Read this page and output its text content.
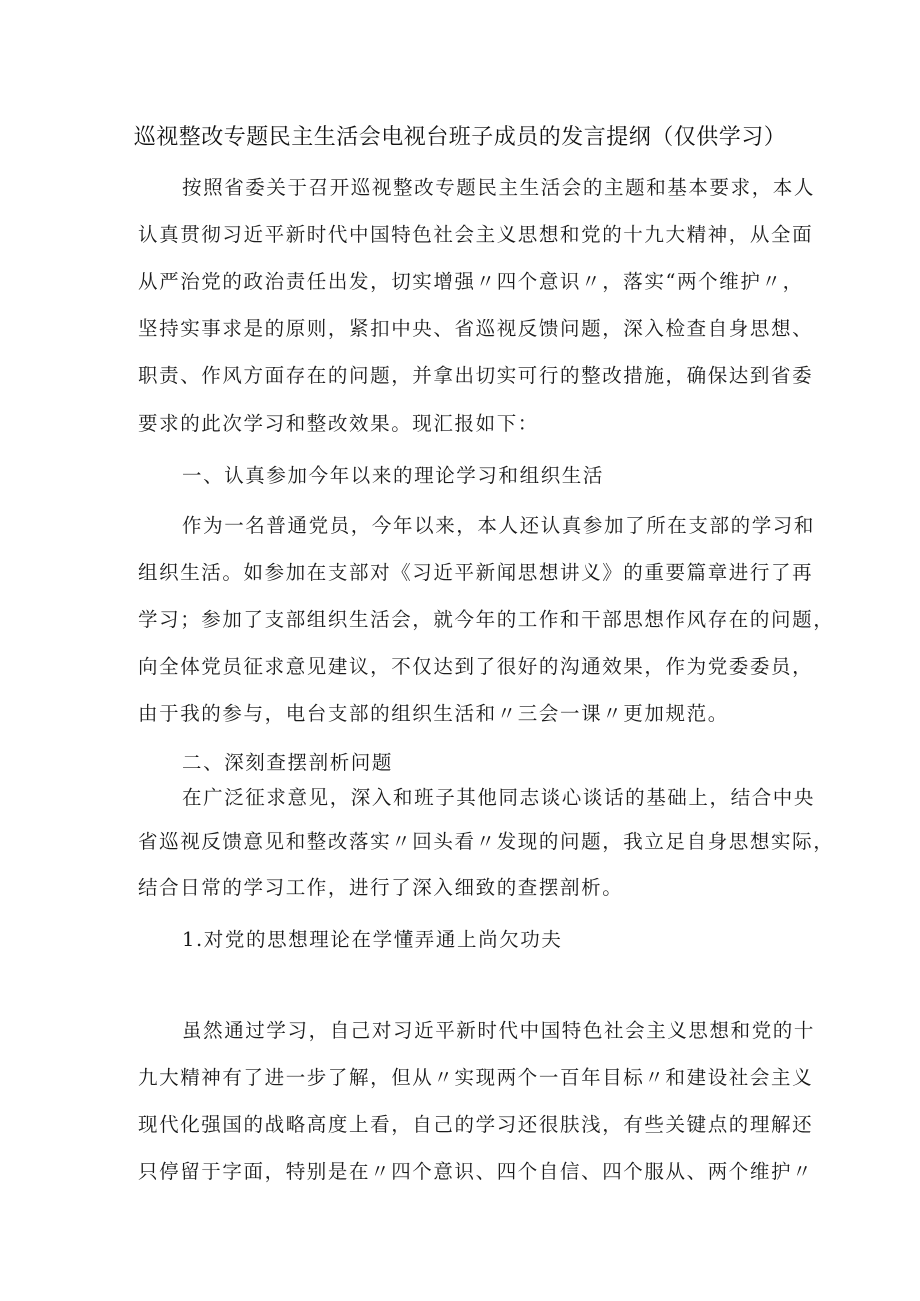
巡视整改专题民主生活会电视台班子成员的发言提纲（仅供学习）
按照省委关于召开巡视整改专题民主生活会的主题和基本要求，本人
认真贯彻习近平新时代中国特色社会主义思想和党的十九大精神，从全面
从严治党的政治责任出发，切实增强〃四个意识〃，落实“两个维护〃，
坚持实事求是的原则，紧扣中央、省巡视反馈问题，深入检查自身思想、
职责、作风方面存在的问题，并拿出切实可行的整改措施，确保达到省委
要求的此次学习和整改效果。现汇报如下：
一、认真参加今年以来的理论学习和组织生活
作为一名普通党员，今年以来，本人还认真参加了所在支部的学习和
组织生活。如参加在支部对《习近平新闻思想讲义》的重要篇章进行了再
学习；参加了支部组织生活会，就今年的工作和干部思想作风存在的问题，
向全体党员征求意见建议，不仅达到了很好的沟通效果，作为党委委员，
由于我的参与，电台支部的组织生活和〃三会一课〃更加规范。
二、深刻查摆剖析问题
在广泛征求意见，深入和班子其他同志谈心谈话的基础上，结合中央
省巡视反馈意见和整改落实〃回头看〃发现的问题，我立足自身思想实际，
结合日常的学习工作，进行了深入细致的查摆剖析。
1.对党的思想理论在学懂弄通上尚欠功夫
虽然通过学习，自己对习近平新时代中国特色社会主义思想和党的十
九大精神有了进一步了解，但从〃实现两个一百年目标〃和建设社会主义
现代化强国的战略高度上看，自己的学习还很肤浅，有些关键点的理解还
只停留于字面，特别是在〃四个意识、四个自信、四个服从、两个维护〃
